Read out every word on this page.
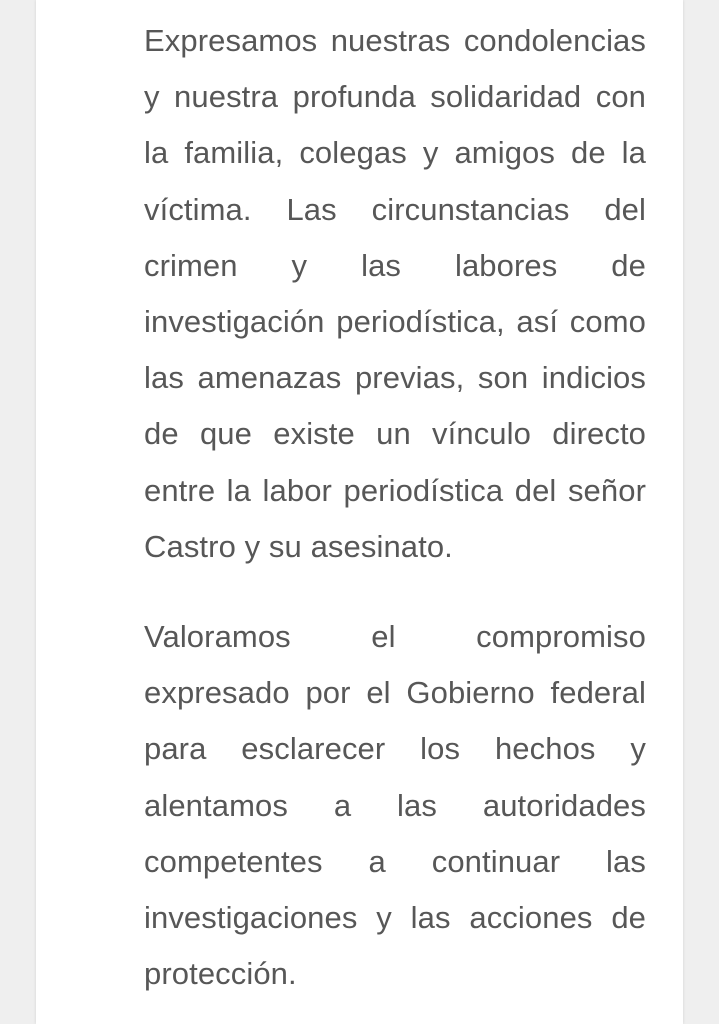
Expresamos nuestras condolencias y nuestra profunda solidaridad con la familia, colegas y amigos de la víctima. Las circunstancias del crimen y las labores de investigación periodística, así como las amenazas previas, son indicios de que existe un vínculo directo entre la labor periodística del señor Castro y su asesinato.

Valoramos el compromiso expresado por el Gobierno federal para esclarecer los hechos y alentamos a las autoridades competentes a continuar las investigaciones y las acciones de protección.
